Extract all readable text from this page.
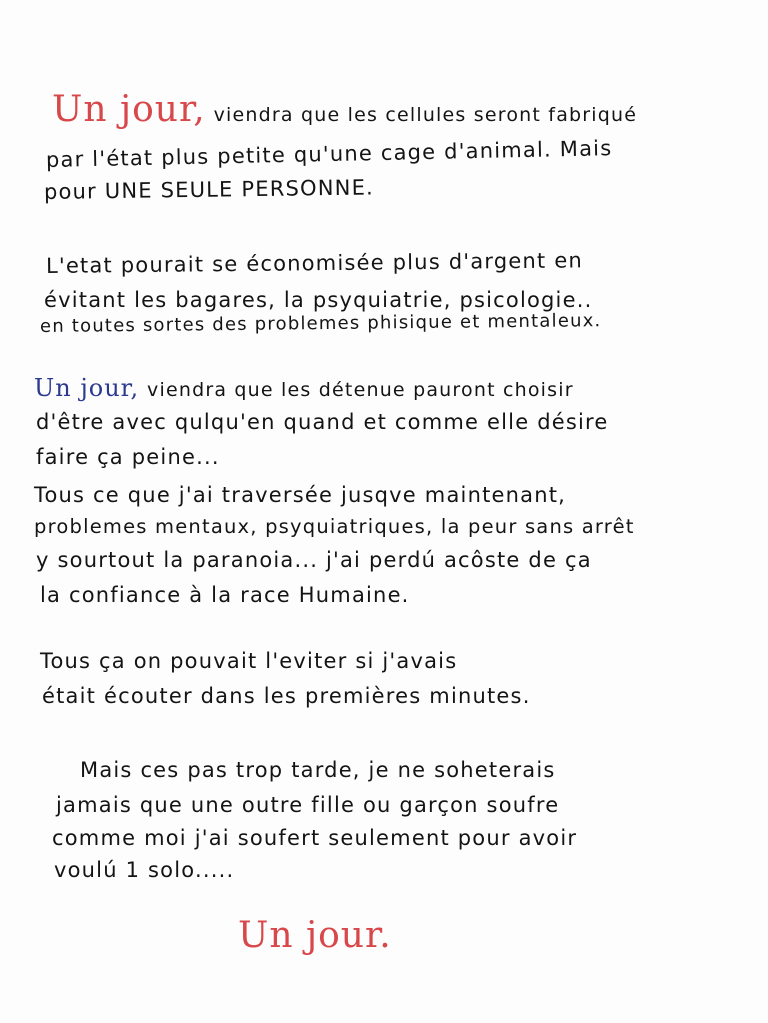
Un jour, viendra que les cellules seront fabriqué
par l'état plus petite qu'une cage d'animal. Mais
pour UNE SEULE PERSONNE.
L'etat pourait se économisée plus d'argent en
évitant les bagares, la psyquiatrie, psicologie..
en toutes sortes des problemes phisique et mentaleux.
Un jour, viendra que les détenue pauront choisir
d'être avec qulqu'en quand et comme elle désire
faire ça peine...
Tous ce que j'ai traversée jusqve maintenant,
problemes mentaux, psyquiatriques, la peur sans arrêt
y sourtout la paranoia... j'ai perdú acôste de ça
la confiance à la race Humaine.
Tous ça on pouvait l'eviter si j'avais
était écouter dans les premières minutes.
Mais ces pas trop tarde, je ne soheterais
jamais que une outre fille ou garçon soufre
comme moi j'ai soufert seulement pour avoir
voulú 1 solo.....
Un jour.
